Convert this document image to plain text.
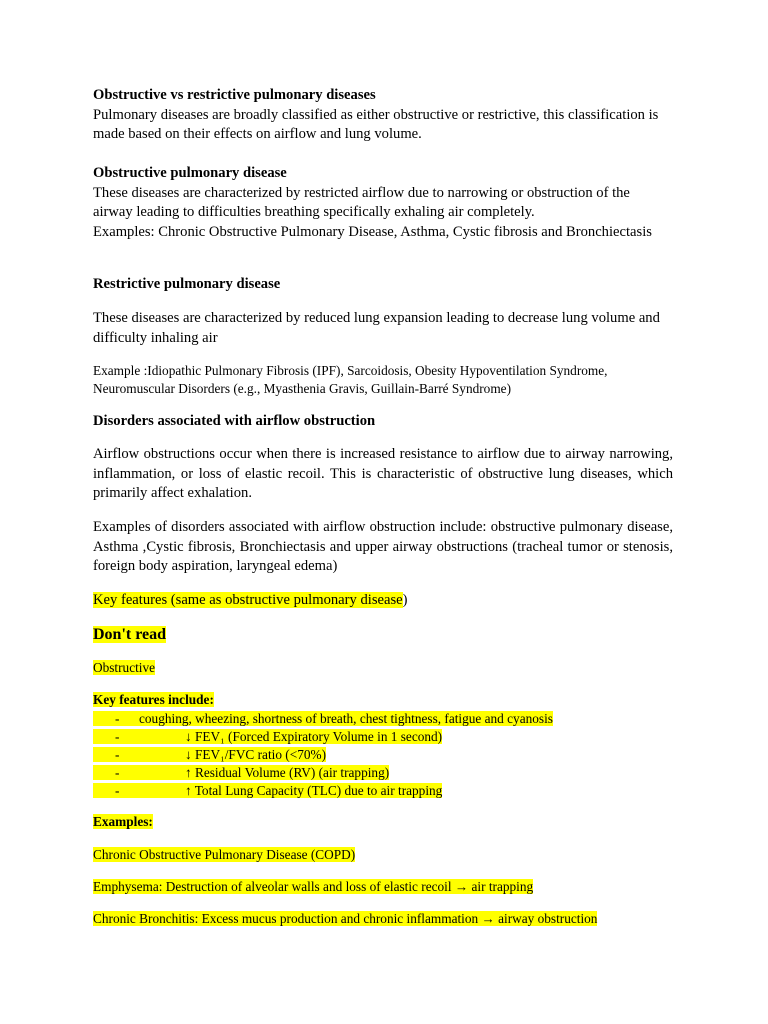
Obstructive vs restrictive pulmonary diseases
Pulmonary diseases are broadly classified as either obstructive or restrictive, this classification is made based on their effects on airflow and lung volume.
Obstructive pulmonary disease
These diseases are characterized by restricted airflow due to narrowing or obstruction of the airway leading to difficulties breathing specifically exhaling air completely.
Examples: Chronic Obstructive Pulmonary Disease, Asthma, Cystic fibrosis and Bronchiectasis
Restrictive pulmonary disease
These diseases are characterized by reduced lung expansion leading to decrease lung volume and difficulty inhaling air
Example :Idiopathic Pulmonary Fibrosis (IPF), Sarcoidosis, Obesity Hypoventilation Syndrome, Neuromuscular Disorders (e.g., Myasthenia Gravis, Guillain-Barré Syndrome)
Disorders associated with airflow obstruction
Airflow obstructions occur when there is increased resistance to airflow due to airway narrowing, inflammation, or loss of elastic recoil. This is characteristic of obstructive lung diseases, which primarily affect exhalation.
Examples of disorders associated with airflow obstruction include: obstructive pulmonary disease, Asthma ,Cystic fibrosis, Bronchiectasis and upper airway obstructions (tracheal tumor or stenosis, foreign body aspiration, laryngeal edema)
Key features (same as obstructive pulmonary disease)
Don't read
Obstructive
Key features include:
- coughing, wheezing, shortness of breath, chest tightness, fatigue and cyanosis
-	↓ FEV₁ (Forced Expiratory Volume in 1 second)
-	↓ FEV₁/FVC ratio (<70%)
-	↑ Residual Volume (RV) (air trapping)
-	↑ Total Lung Capacity (TLC) due to air trapping
Examples:
Chronic Obstructive Pulmonary Disease (COPD)
Emphysema: Destruction of alveolar walls and loss of elastic recoil → air trapping
Chronic Bronchitis: Excess mucus production and chronic inflammation → airway obstruction
